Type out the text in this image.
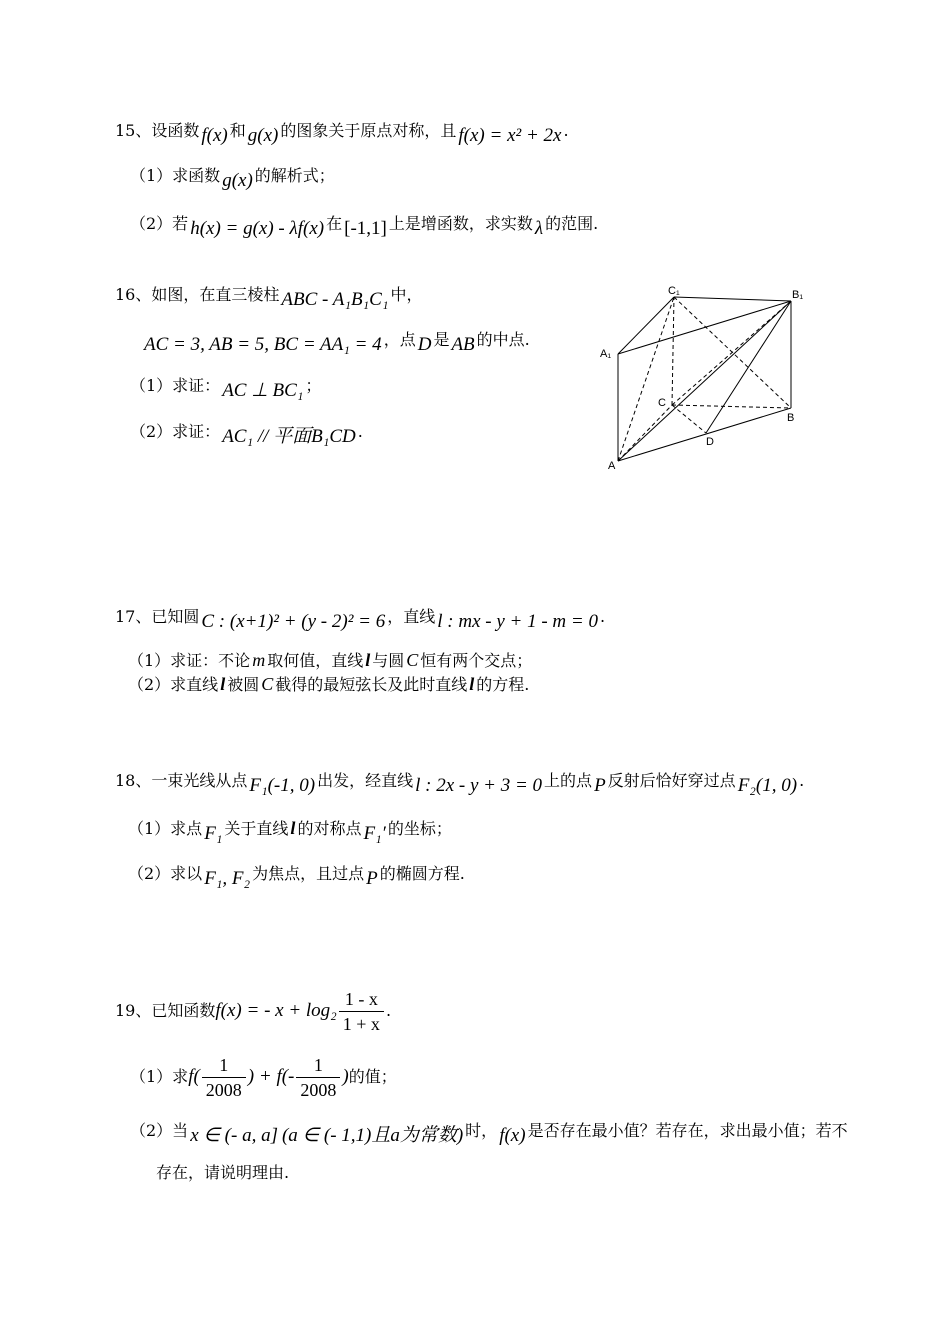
15、设函数 f(x) 和 g(x) 的图象关于原点对称，且 f(x) = x² + 2x .
（1）求函数 g(x) 的解析式；
（2）若 h(x) = g(x) - λf(x) 在 [-1,1] 上是增函数，求实数 λ 的范围.
16、如图，在直三棱柱 ABC - A₁B₁C₁ 中，
AC = 3, AB = 5, BC = AA₁ = 4 ，点 D 是 AB 的中点.
（1）求证： AC ⊥ BC₁ ；
（2）求证： AC₁ // 平面B₁CD .
C₁	B₁
A₁
C
B
D
A
17、已知圆 C : (x+1)² + (y - 2)² = 6 ，直线 l : mx - y + 1 - m = 0 .
（1）求证：不论 m 取何值，直线 l 与圆 C 恒有两个交点；
（2）求直线 l 被圆 C 截得的最短弦长及此时直线 l 的方程.
18、一束光线从点 F₁(-1, 0) 出发，经直线 l : 2x - y + 3 = 0 上的点 P 反射后恰好穿过点 F₂(1, 0) .
（1）求点 F₁ 关于直线 l 的对称点 F₁′ 的坐标；
（2）求以 F₁, F₂ 为焦点，且过点 P 的椭圆方程.
19、已知函数f(x) = - $x + \log_2 \frac{1 - x}{1 + x}$ .
（1）求$f( \frac{1}{2008}$ ) + $f(- \frac{1}{2008}$ )的值；
（2）当 x ∈ (- a, a] (a ∈ (- 1,1)且a为常数) 时， f(x) 是否存在最小值？若存在，求出最小值；若不
存在，请说明理由.
